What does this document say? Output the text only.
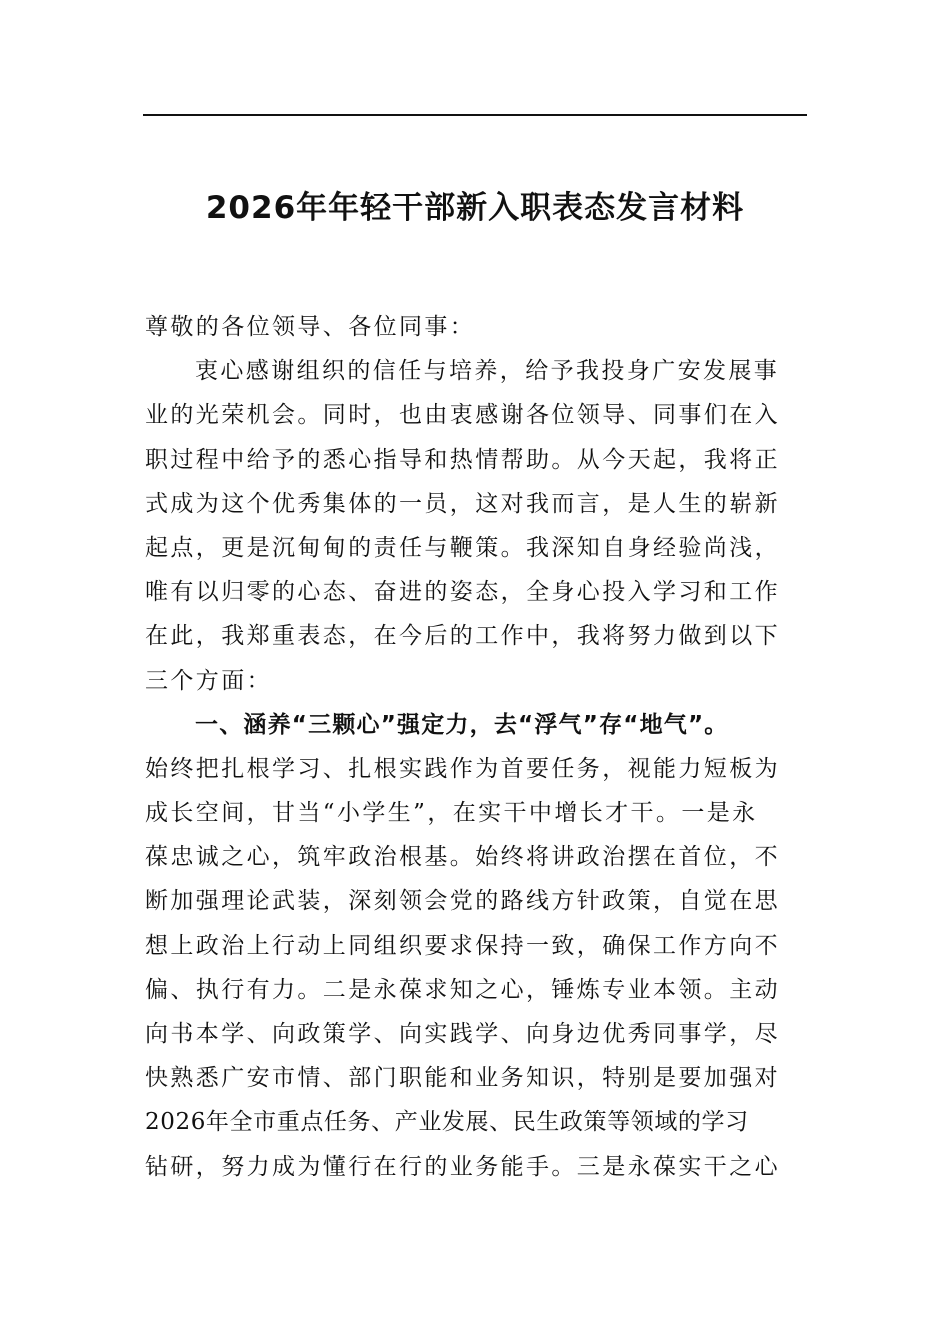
2026年年轻干部新入职表态发言材料
尊敬的各位领导、各位同事：
衷心感谢组织的信任与培养，给予我投身广安发展事
业的光荣机会。同时，也由衷感谢各位领导、同事们在入
职过程中给予的悉心指导和热情帮助。从今天起，我将正
式成为这个优秀集体的一员，这对我而言，是人生的崭新
起点，更是沉甸甸的责任与鞭策。我深知自身经验尚浅，
唯有以归零的心态、奋进的姿态，全身心投入学习和工作
在此，我郑重表态，在今后的工作中，我将努力做到以下
三个方面：
一、涵养“三颗心”强定力，去“浮气”存“地气”。
始终把扎根学习、扎根实践作为首要任务，视能力短板为
成长空间，甘当“小学生”，在实干中增长才干。一是永
葆忠诚之心，筑牢政治根基。始终将讲政治摆在首位，不
断加强理论武装，深刻领会党的路线方针政策，自觉在思
想上政治上行动上同组织要求保持一致，确保工作方向不
偏、执行有力。二是永葆求知之心，锤炼专业本领。主动
向书本学、向政策学、向实践学、向身边优秀同事学，尽
快熟悉广安市情、部门职能和业务知识，特别是要加强对
2026年全市重点任务、产业发展、民生政策等领域的学习
钻研，努力成为懂行在行的业务能手。三是永葆实干之心
